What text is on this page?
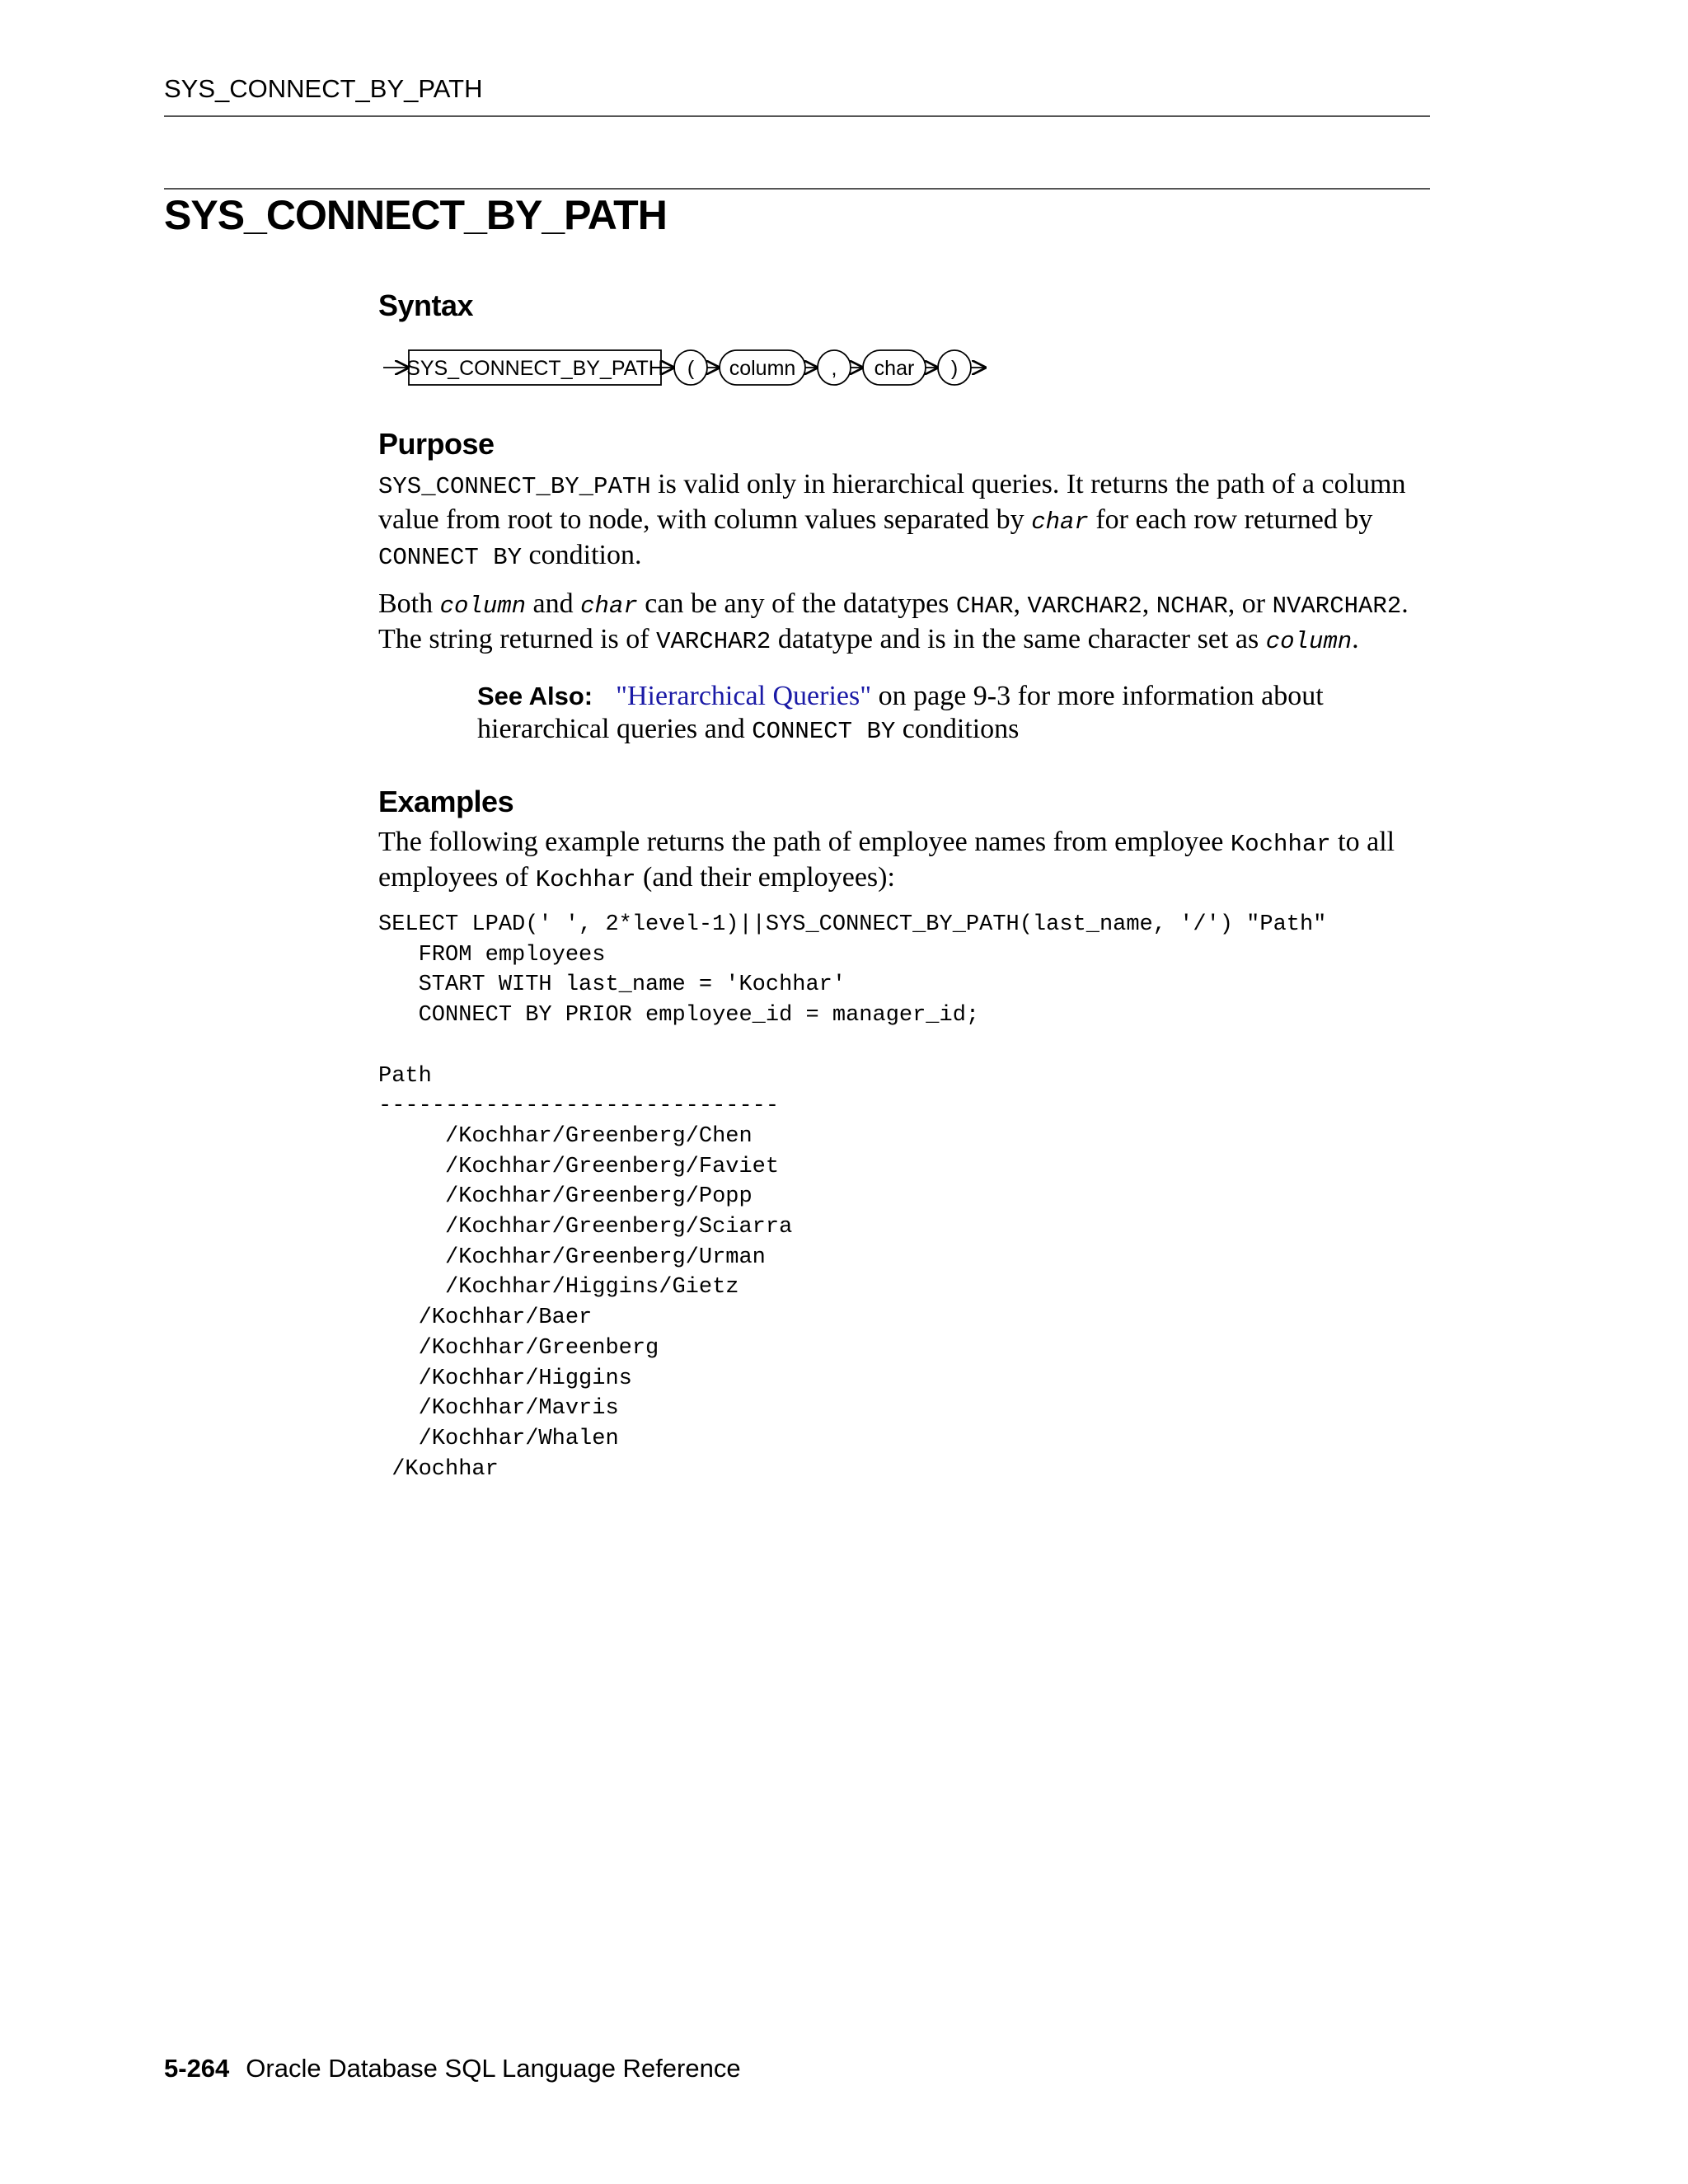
SYS_CONNECT_BY_PATH
SYS_CONNECT_BY_PATH
Syntax
SYS_CONNECT_BY_PATH ( column , char )
Purpose

SYS_CONNECT_BY_PATH is valid only in hierarchical queries. It returns the path of a column value from root to node, with column values separated by char for each row returned by CONNECT BY condition.

Both column and char can be any of the datatypes CHAR, VARCHAR2, NCHAR, or NVARCHAR2. The string returned is of VARCHAR2 datatype and is in the same character set as column.

See Also: "Hierarchical Queries" on page 9-3 for more information about hierarchical queries and CONNECT BY conditions

Examples

The following example returns the path of employee names from employee Kochhar to all employees of Kochhar (and their employees):

SELECT LPAD(' ', 2*level-1)||SYS_CONNECT_BY_PATH(last_name, '/') "Path"
FROM employees
START WITH last_name = 'Kochhar'
CONNECT BY PRIOR employee_id = manager_id;

Path
------------------------------
/Kochhar/Greenberg/Chen
/Kochhar/Greenberg/Faviet
/Kochhar/Greenberg/Popp
/Kochhar/Greenberg/Sciarra
/Kochhar/Greenberg/Urman
/Kochhar/Higgins/Gietz
/Kochhar/Baer
/Kochhar/Greenberg
/Kochhar/Higgins
/Kochhar/Mavris
/Kochhar/Whalen
/Kochhar
5-264 Oracle Database SQL Language Reference
